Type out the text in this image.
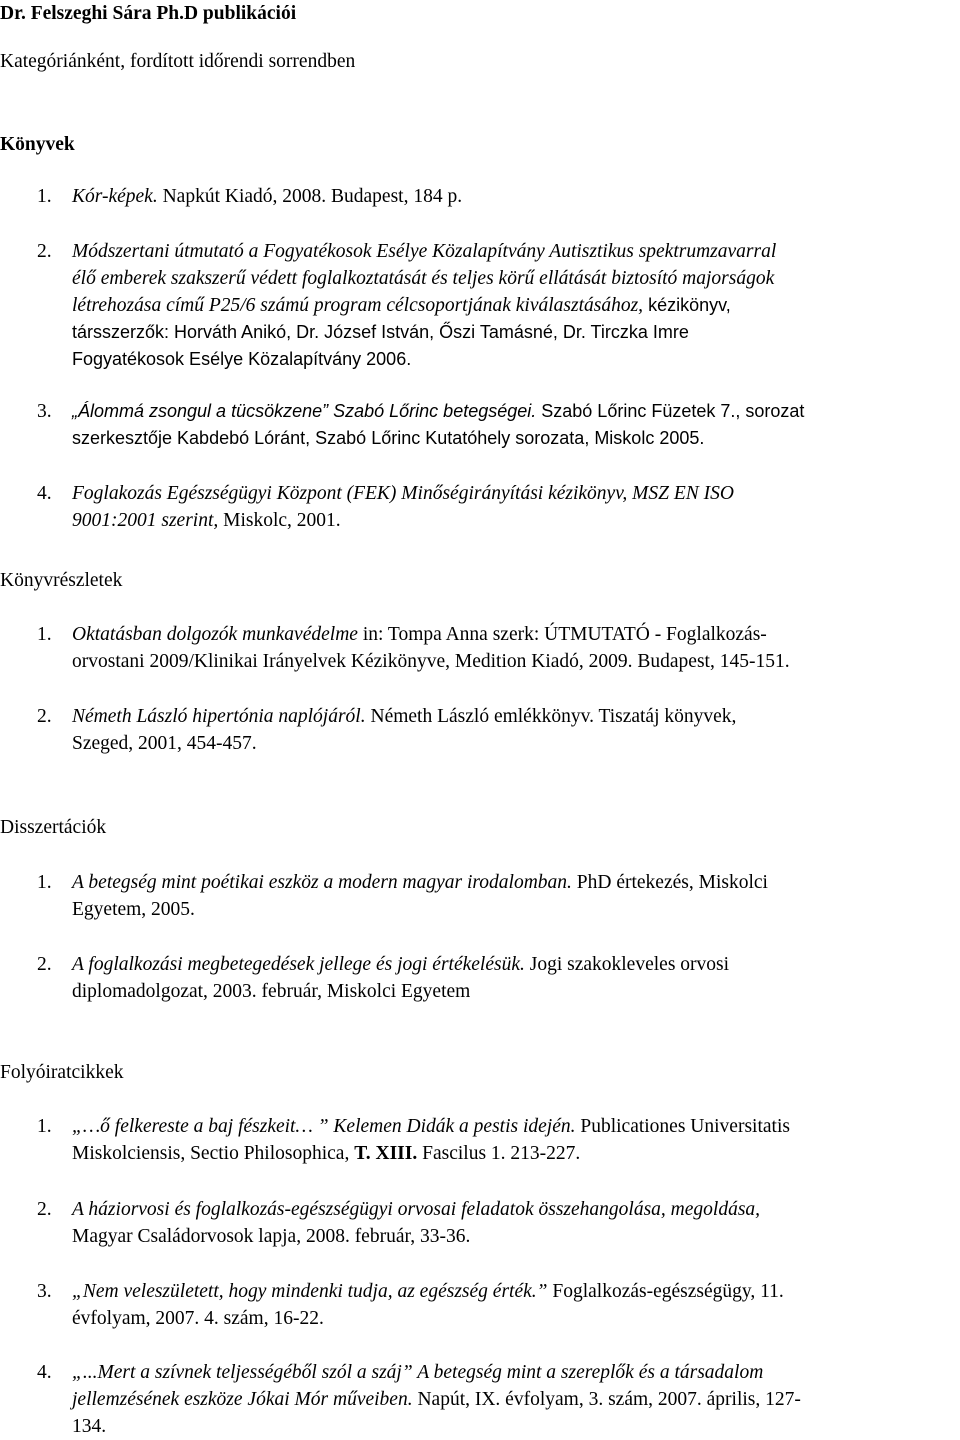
Dr. Felszeghi Sára Ph.D publikációi
Kategóriánként, fordított időrendi sorrendben
Könyvek
1. Kór-képek. Napkút Kiadó, 2008. Budapest, 184 p.
2. Módszertani útmutató a Fogyatékosok Esélye Közalapítvány Autisztikus spektrumzavarral
élő emberek szakszerű védett foglalkoztatását és teljes körű ellátását biztosító majorságok
létrehozása című P25/6 számú program célcsoportjának kiválasztásához, kézikönyv,
társszerzők: Horváth Anikó, Dr. József István, Őszi Tamásné, Dr. Tirczka Imre
Fogyatékosok Esélye Közalapítvány 2006.
3. „Álommá zsongul a tücsökzene” Szabó Lőrinc betegségei. Szabó Lőrinc Füzetek 7., sorozat
szerkesztője Kabdebó Lóránt, Szabó Lőrinc Kutatóhely sorozata, Miskolc 2005.
4. Foglakozás Egészségügyi Központ (FEK) Minőségirányítási kézikönyv, MSZ EN ISO
9001:2001 szerint, Miskolc, 2001.
Könyvrészletek
1. Oktatásban dolgozók munkavédelme in: Tompa Anna szerk: ÚTMUTATÓ - Foglalkozás-
orvostani 2009/Klinikai Irányelvek Kézikönyve, Medition Kiadó, 2009. Budapest, 145-151.
2. Németh László hipertónia naplójáról. Németh László emlékkönyv. Tiszatáj könyvek,
Szeged, 2001, 454-457.
Disszertációk
1. A betegség mint poétikai eszköz a modern magyar irodalomban. PhD értekezés, Miskolci
Egyetem, 2005.
2. A foglalkozási megbetegedések jellege és jogi értékelésük. Jogi szakokleveles orvosi
diplomadolgozat, 2003. február, Miskolci Egyetem
Folyóiratcikkek
1. „…ő felkereste a baj fészkeit… ” Kelemen Didák a pestis idején. Publicationes Universitatis
Miskolciensis, Sectio Philosophica, T. XIII. Fascilus 1. 213-227.
2. A háziorvosi és foglalkozás-egészségügyi orvosai feladatok összehangolása, megoldása,
Magyar Családorvosok lapja, 2008. február, 33-36.
3. „Nem veleszületett, hogy mindenki tudja, az egészség érték.” Foglalkozás-egészségügy, 11.
évfolyam, 2007. 4. szám, 16-22.
4. „...Mert a szívnek teljességéből szól a száj” A betegség mint a szereplők és a társadalom
jellemzésének eszköze Jókai Mór műveiben. Napút, IX. évfolyam, 3. szám, 2007. április, 127-
134.
